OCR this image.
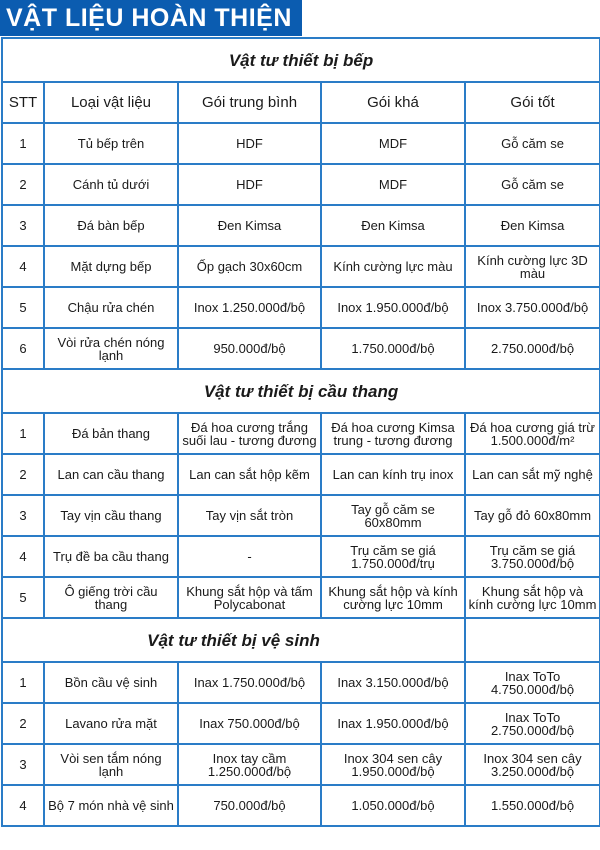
VẬT LIỆU HOÀN THIỆN
Vật tư thiết bị bếp				
STT	Loại vật liệu	Gói trung bình	Gói khá	Gói tốt
1	Tủ bếp trên	HDF	MDF	Gỗ căm se
2	Cánh tủ dưới	HDF	MDF	Gỗ căm se
3	Đá bàn bếp	Đen Kimsa	Đen Kimsa	Đen Kimsa
4	Mặt dựng bếp	Ốp gạch 30x60cm	Kính cường lực màu	Kính cường lực 3D màu
5	Chậu rửa chén	Inox 1.250.000đ/bộ	Inox 1.950.000đ/bộ	Inox 3.750.000đ/bộ
6	Vòi rửa chén nóng lạnh	950.000đ/bộ	1.750.000đ/bộ	2.750.000đ/bộ
Vật tư thiết bị cầu thang				
1	Đá bản thang	Đá hoa cương trắng suối lau - tương đương	Đá hoa cương Kimsa trung - tương đương	Đá hoa cương giá trừ 1.500.000đ/m²
2	Lan can cầu thang	Lan can sắt hộp kẽm	Lan can kính trụ inox	Lan can sắt mỹ nghệ
3	Tay vịn cầu thang	Tay vịn sắt tròn	Tay gỗ căm se 60x80mm	Tay gỗ đỏ 60x80mm
4	Trụ đề ba cầu thang	-	Trụ căm se giá 1.750.000đ/trụ	Trụ căm se giá 3.750.000đ/bộ
5	Ô giếng trời cầu thang	Khung sắt hộp và tấm Polycabonat	Khung sắt hộp và kính cường lực 10mm	Khung sắt hộp và kính cường lực 10mm
Vật tư thiết bị vệ sinh				
1	Bồn cầu vệ sinh	Inax 1.750.000đ/bộ	Inax 3.150.000đ/bộ	Inax ToTo 4.750.000đ/bộ
2	Lavano rửa mặt	Inax 750.000đ/bộ	Inax 1.950.000đ/bộ	Inax ToTo 2.750.000đ/bộ
3	Vòi sen tắm nóng lạnh	Inox tay cầm 1.250.000đ/bộ	Inox 304 sen cây 1.950.000đ/bộ	Inox 304 sen cây 3.250.000đ/bộ
4	Bộ 7 món nhà vệ sinh	750.000đ/bộ	1.050.000đ/bộ	1.550.000đ/bộ
